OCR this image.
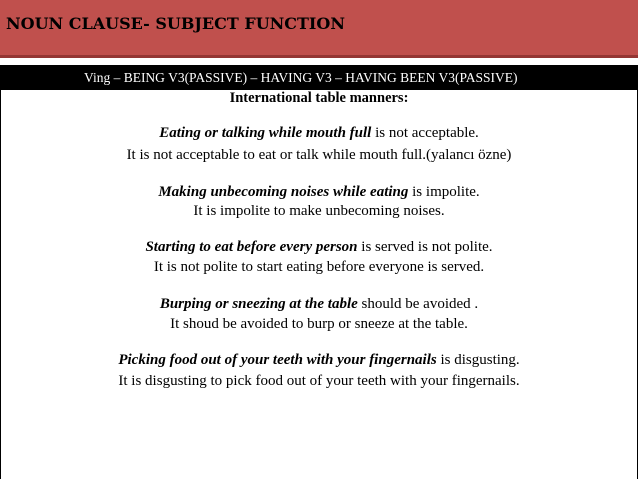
NOUN CLAUSE- SUBJECT FUNCTION
Ving – BEING V3(PASSIVE) – HAVING V3 – HAVING BEEN V3(PASSIVE)
International table manners:
Eating or talking while mouth full is not acceptable.
It is not acceptable to eat or talk while mouth full.(yalancı özne)
Making unbecoming noises while eating is impolite.
It is impolite to make unbecoming noises.
Starting to eat before every person is served is not polite.
It is not polite to start eating before everyone is served.
Burping or sneezing at the table should be avoided .
It shoud be avoided to burp or sneeze at the table.
Picking food out of your teeth with your fingernails is disgusting.
It is disgusting to pick food out of your teeth with your fingernails.
